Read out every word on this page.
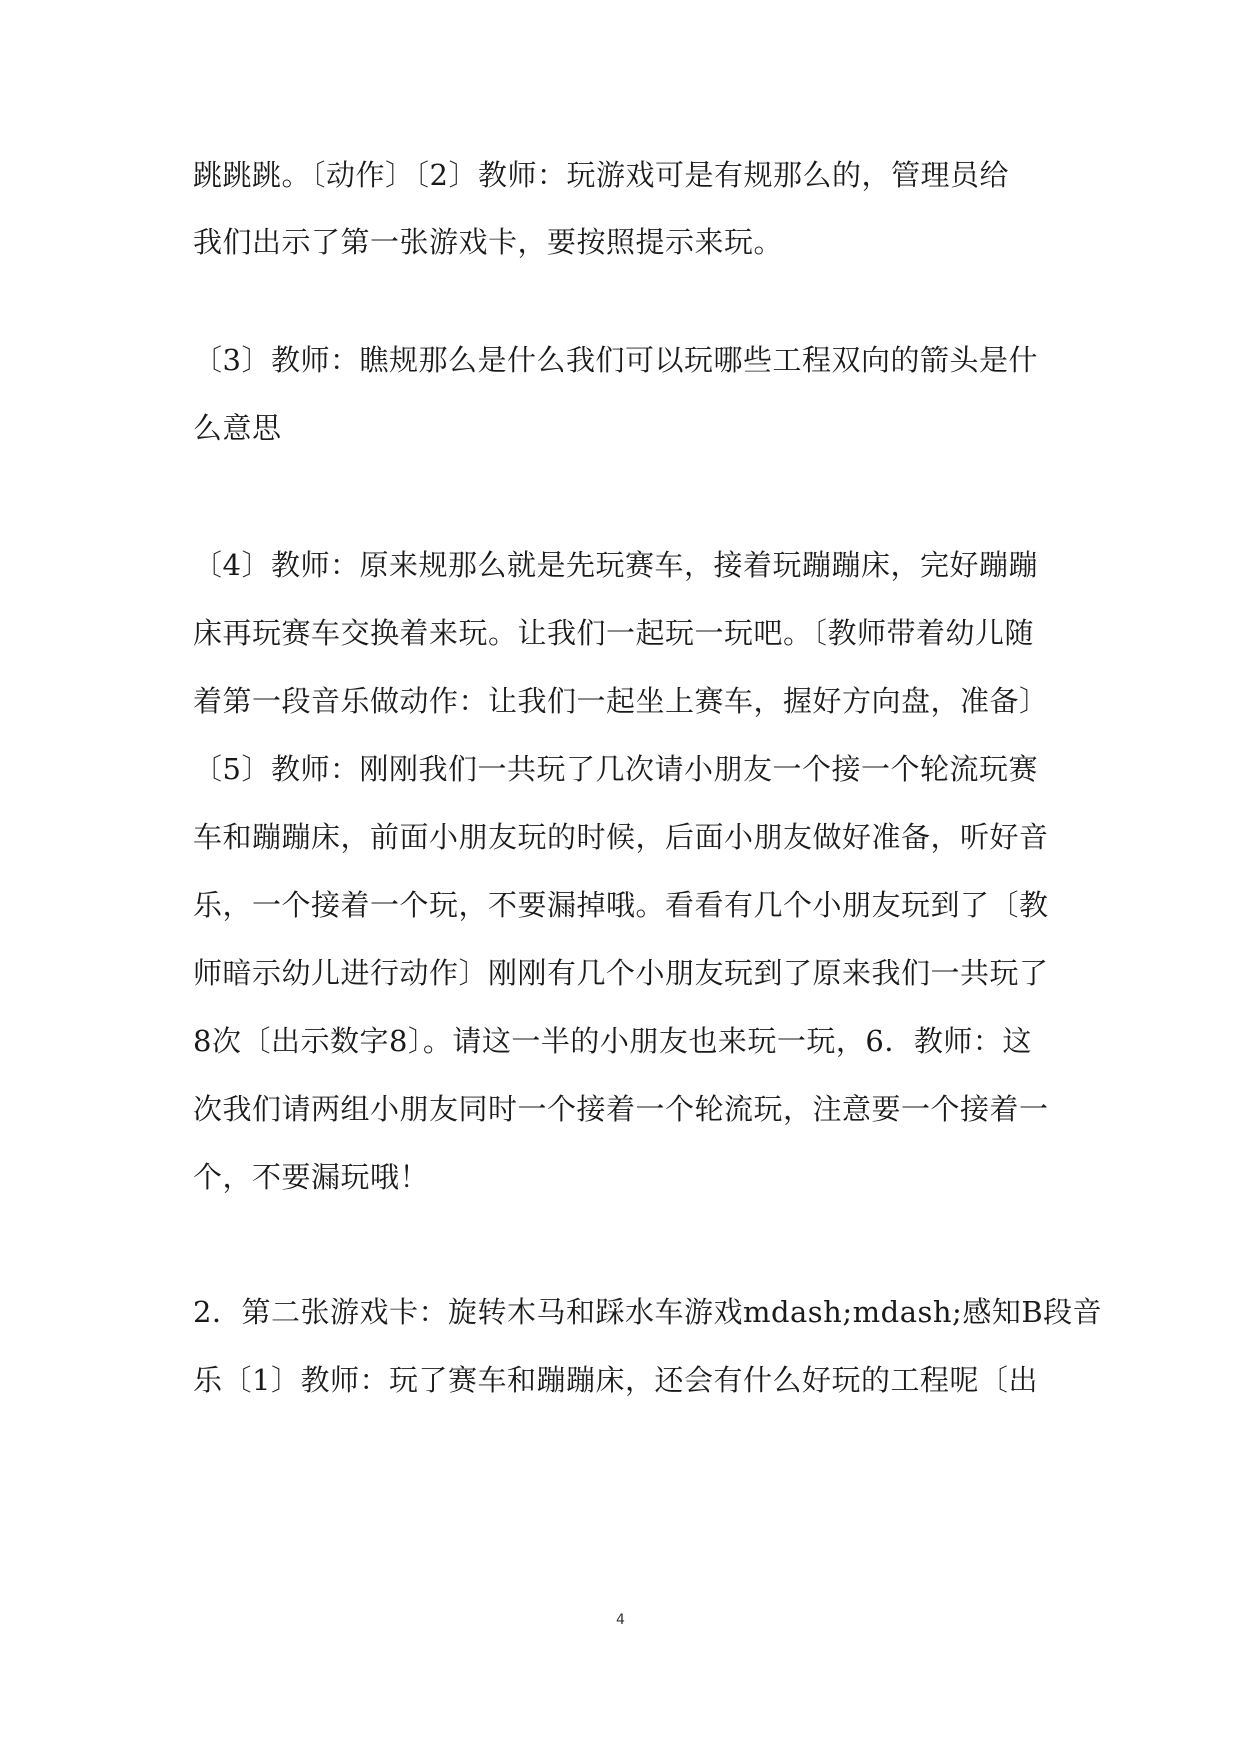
跳跳跳。〔动作〕〔2〕教师：玩游戏可是有规那么的，管理员给
我们出示了第一张游戏卡，要按照提示来玩。
〔3〕教师：瞧规那么是什么我们可以玩哪些工程双向的箭头是什
么意思
〔4〕教师：原来规那么就是先玩赛车，接着玩蹦蹦床，完好蹦蹦
床再玩赛车交换着来玩。让我们一起玩一玩吧。〔教师带着幼儿随
着第一段音乐做动作：让我们一起坐上赛车，握好方向盘，准备〕
〔5〕教师：刚刚我们一共玩了几次请小朋友一个接一个轮流玩赛
车和蹦蹦床，前面小朋友玩的时候，后面小朋友做好准备，听好音
乐，一个接着一个玩，不要漏掉哦。看看有几个小朋友玩到了〔教
师暗示幼儿进行动作〕刚刚有几个小朋友玩到了原来我们一共玩了
8次〔出示数字8〕。请这一半的小朋友也来玩一玩，6．教师：这
次我们请两组小朋友同时一个接着一个轮流玩，注意要一个接着一
个，不要漏玩哦！
2．第二张游戏卡：旋转木马和踩水车游戏mdash;mdash;感知B段音
乐〔1〕教师：玩了赛车和蹦蹦床，还会有什么好玩的工程呢〔出
4
